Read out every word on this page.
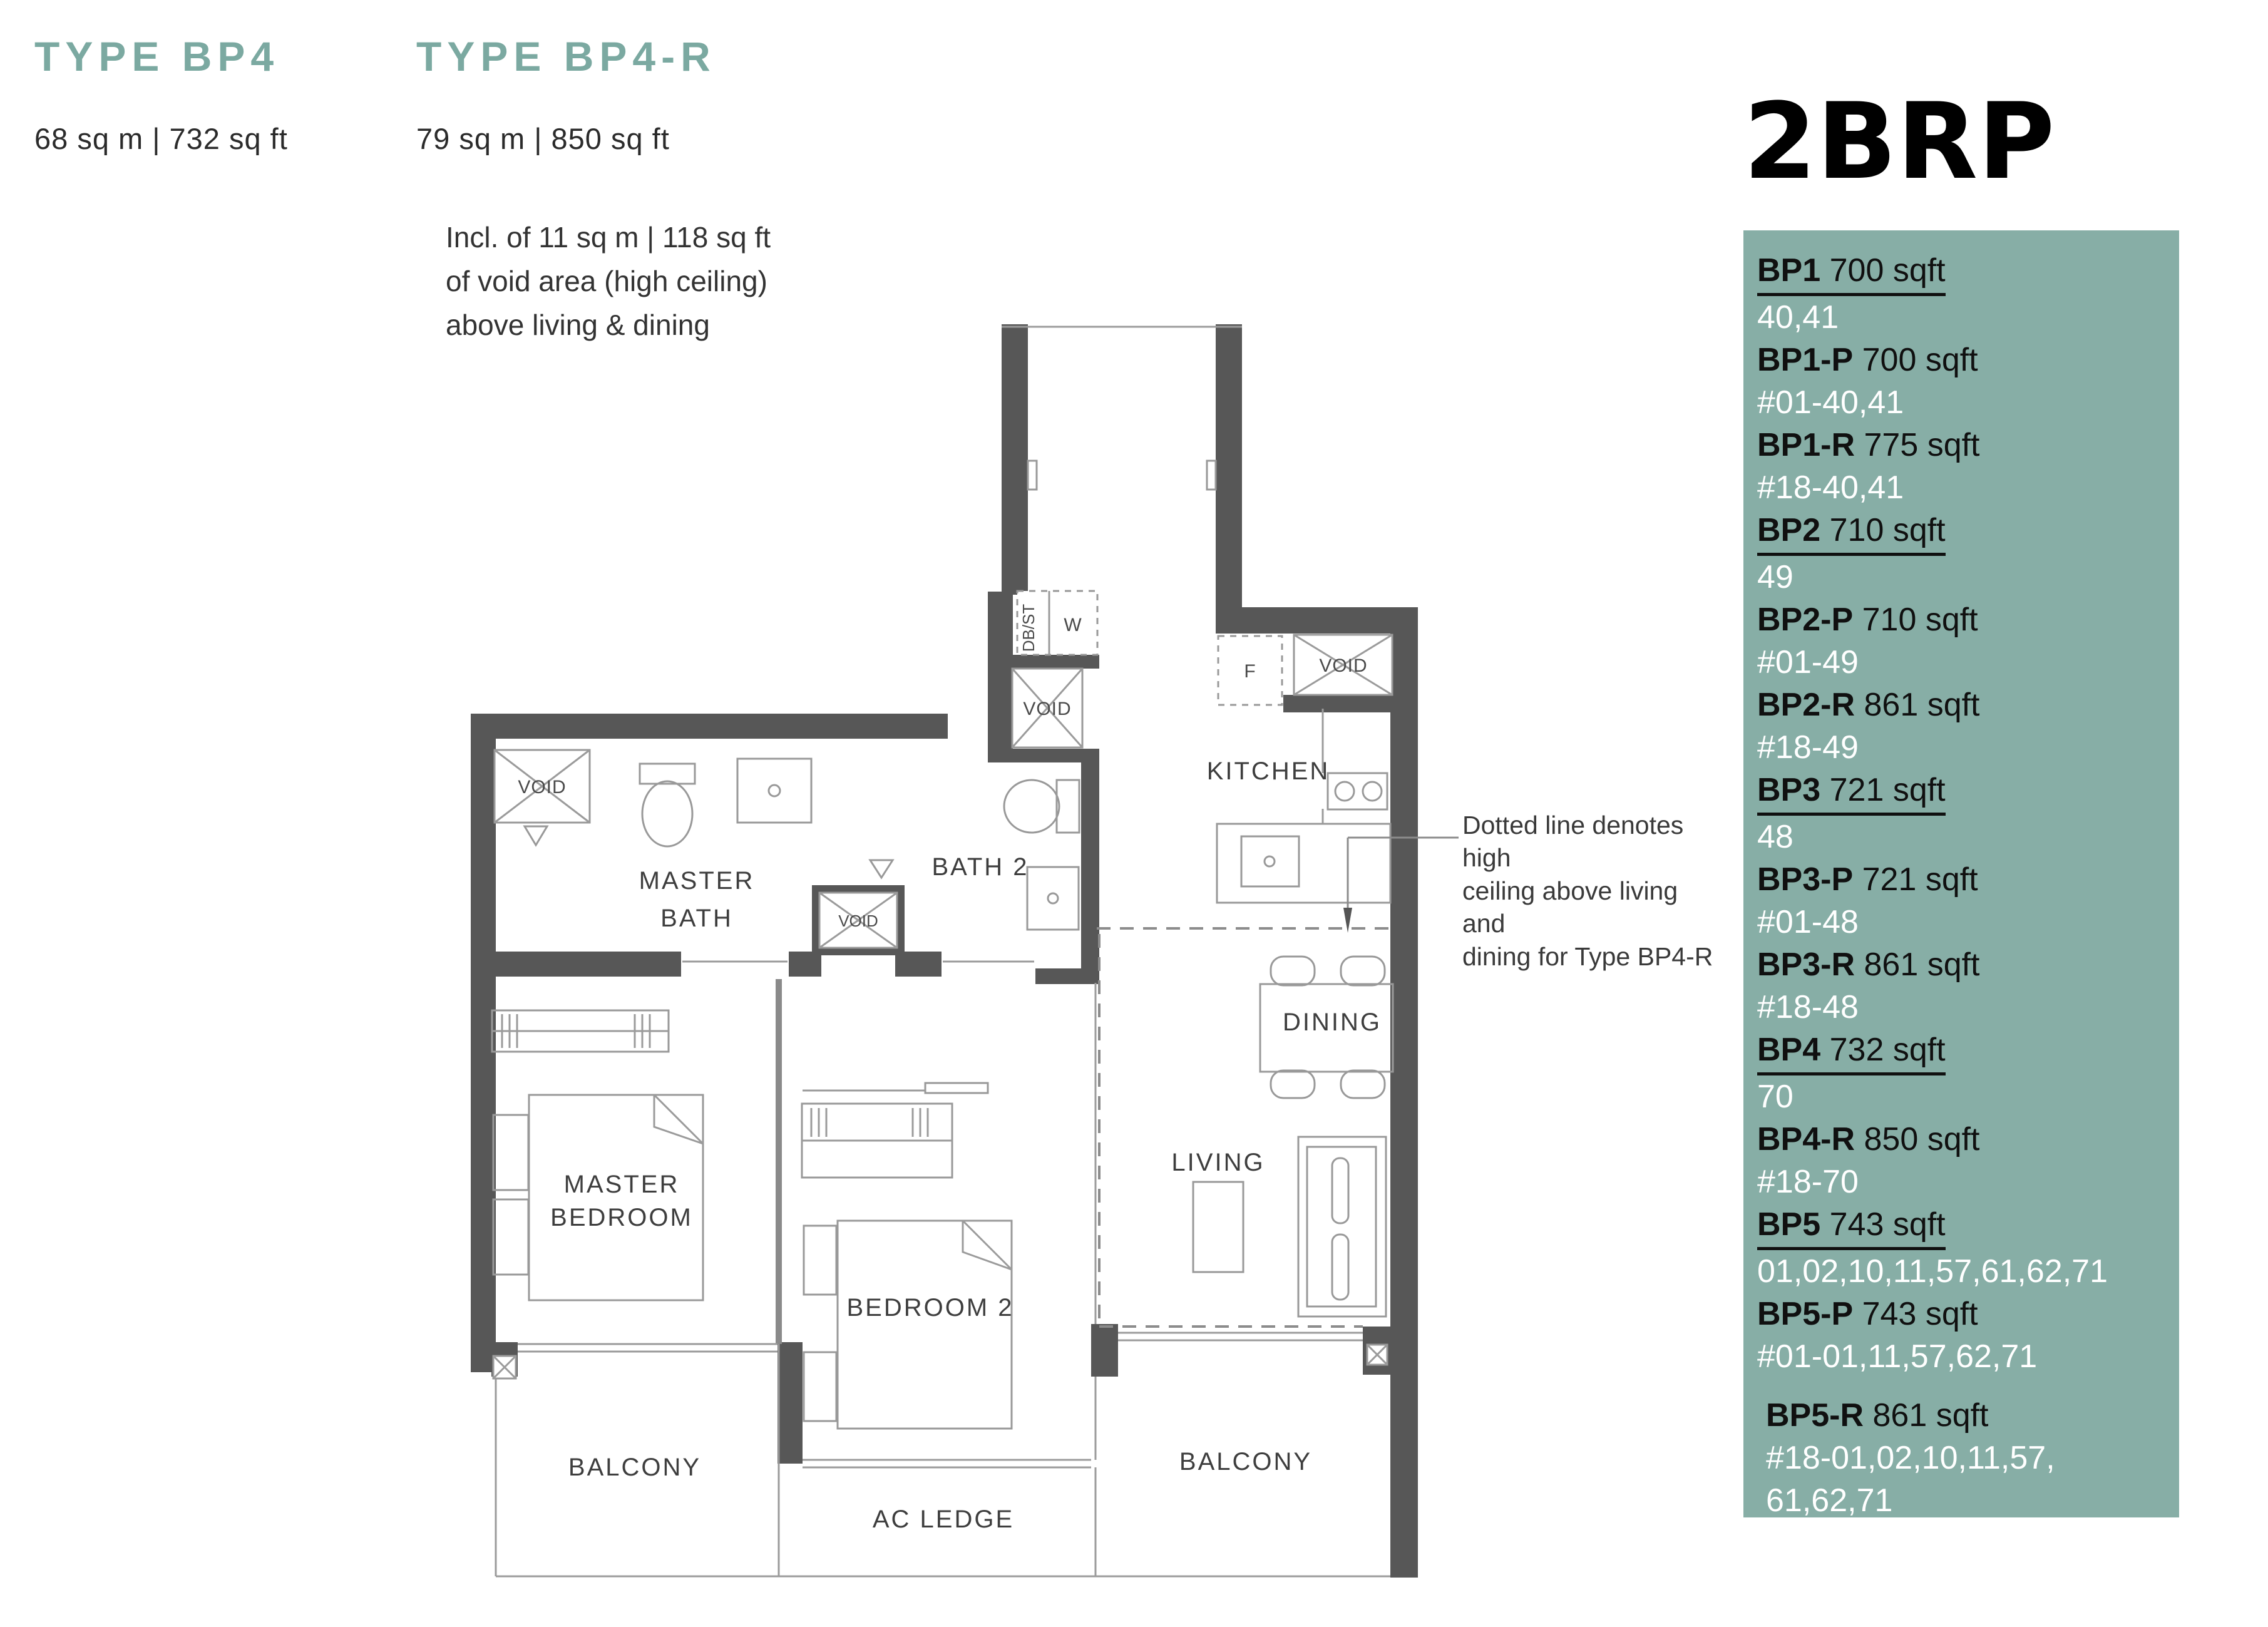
TYPE BP4
68 sq m | 732 sq ft
TYPE BP4-R
79 sq m | 850 sq ft
Incl. of 11 sq m | 118 sq ft
of void area (high ceiling)
above living & dining
Dotted line denotes high
ceiling above living and
dining for Type BP4-R
VOID
VOID
VOID
VOID
DB/ST W
F
MASTER
BATH
BATH 2
KITCHEN
DINING
LIVING
MASTER
BEDROOM
BEDROOM 2
BALCONY
AC LEDGE
BALCONY
2BRP
BP1 700 sqft
40,41
BP1-P 700 sqft
#01-40,41
BP1-R 775 sqft
#18-40,41
BP2 710 sqft
49
BP2-P 710 sqft
#01-49
BP2-R 861 sqft
#18-49
BP3 721 sqft
48
BP3-P 721 sqft
#01-48
BP3-R 861 sqft
#18-48
BP4 732 sqft
70
BP4-R 850 sqft
#18-70
BP5 743 sqft
01,02,10,11,57,61,62,71
BP5-P 743 sqft
#01-01,11,57,62,71
BP5-R 861 sqft
#18-01,02,10,11,57, 61,62,71
